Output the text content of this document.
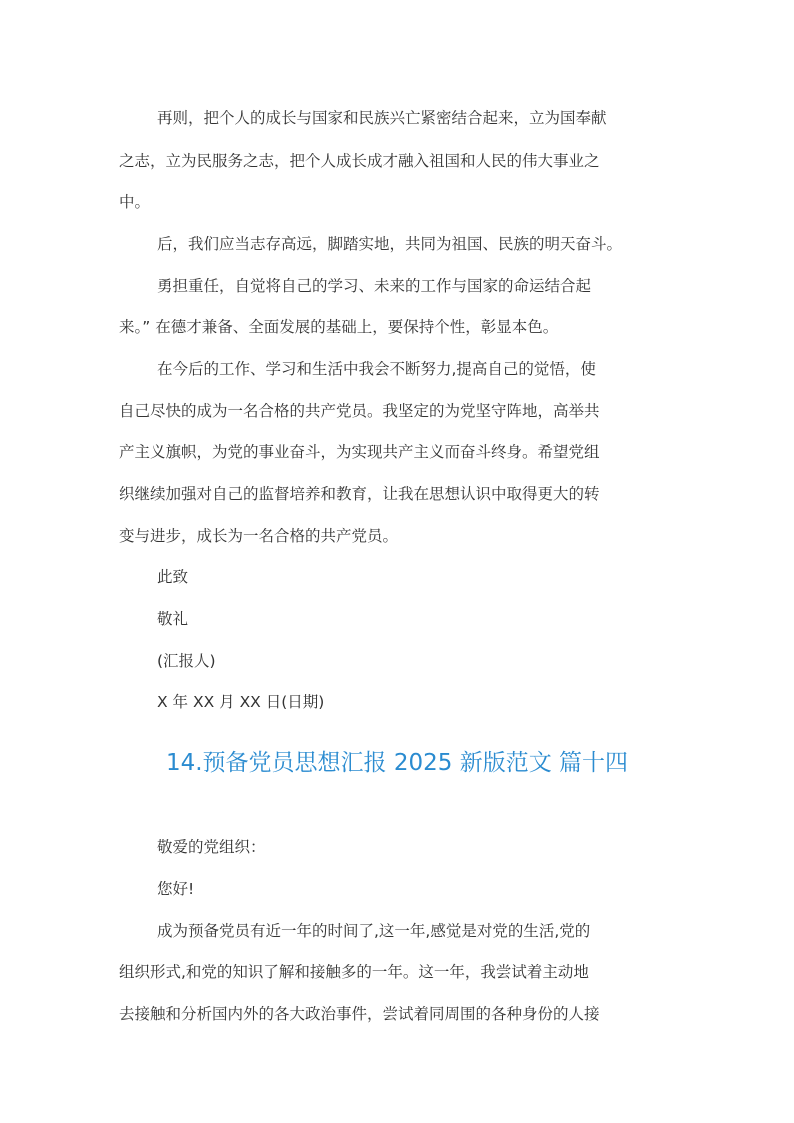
再则，把个人的成长与国家和民族兴亡紧密结合起来，立为国奉献
之志，立为民服务之志，把个人成长成才融入祖国和人民的伟大事业之
中。
后，我们应当志存高远，脚踏实地，共同为祖国、民族的明天奋斗。
勇担重任，自觉将自己的学习、未来的工作与国家的命运结合起
来。” 在德才兼备、全面发展的基础上，要保持个性，彰显本色。
在今后的工作、学习和生活中我会不断努力,提高自己的觉悟，使
自己尽快的成为一名合格的共产党员。我坚定的为党坚守阵地，高举共
产主义旗帜，为党的事业奋斗，为实现共产主义而奋斗终身。希望党组
织继续加强对自己的监督培养和教育，让我在思想认识中取得更大的转
变与进步，成长为一名合格的共产党员。
此致
敬礼
(汇报人)
X 年 XX 月 XX 日(日期)
14.预备党员思想汇报 2025 新版范文 篇十四
敬爱的党组织：
您好!
成为预备党员有近一年的时间了,这一年,感觉是对党的生活,党的
组织形式,和党的知识了解和接触多的一年。这一年，我尝试着主动地
去接触和分析国内外的各大政治事件，尝试着同周围的各种身份的人接
